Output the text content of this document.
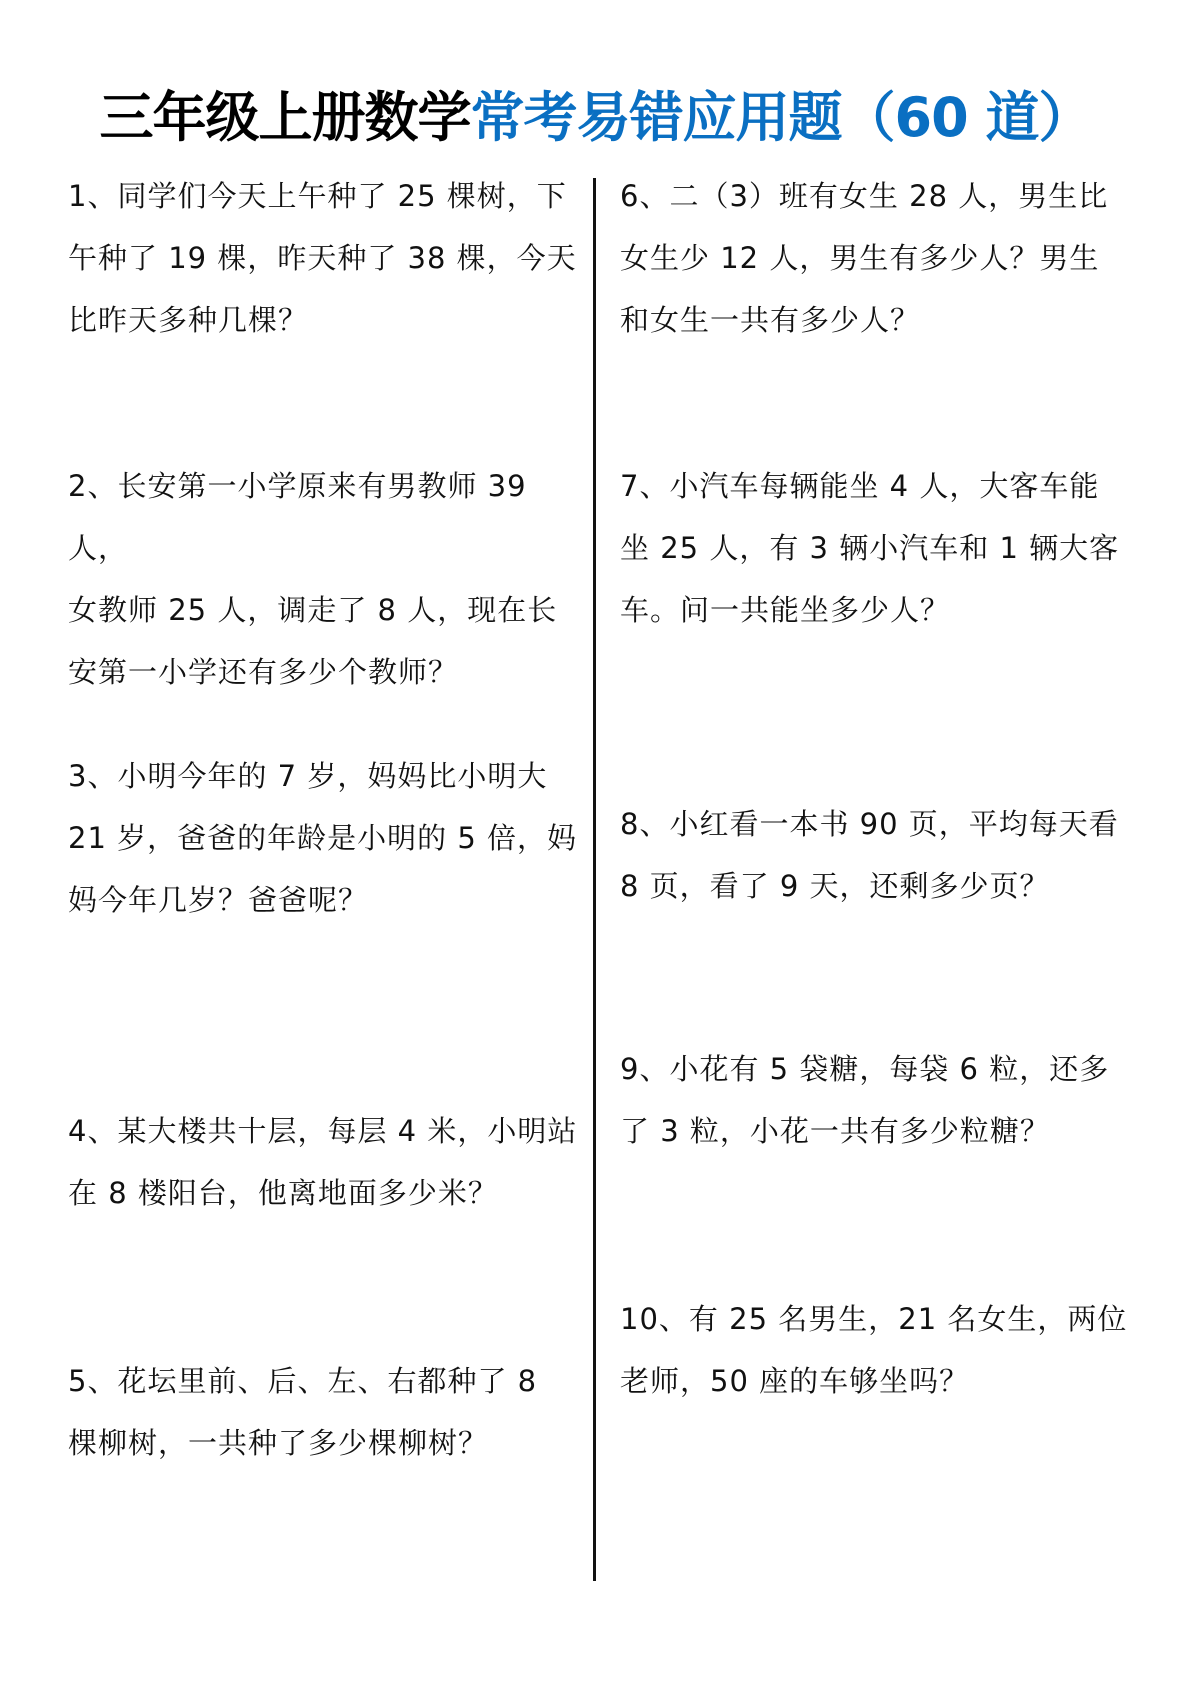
三年级上册数学常考易错应用题（60 道）
1、同学们今天上午种了 25 棵树，下
午种了 19 棵，昨天种了 38 棵，今天
比昨天多种几棵？
2、长安第一小学原来有男教师 39 人，
女教师 25 人，调走了 8 人，现在长
安第一小学还有多少个教师？
3、小明今年的 7 岁，妈妈比小明大
21 岁，爸爸的年龄是小明的 5 倍，妈
妈今年几岁？爸爸呢？
4、某大楼共十层，每层 4 米，小明站
在 8 楼阳台，他离地面多少米？
5、花坛里前、后、左、右都种了 8
棵柳树，一共种了多少棵柳树？
6、二（3）班有女生 28 人，男生比
女生少 12 人，男生有多少人？男生
和女生一共有多少人？
7、小汽车每辆能坐 4 人，大客车能
坐 25 人，有 3 辆小汽车和 1 辆大客
车。问一共能坐多少人？
8、小红看一本书 90 页，平均每天看
8 页，看了 9 天，还剩多少页？
9、小花有 5 袋糖，每袋 6 粒，还多
了 3 粒，小花一共有多少粒糖？
10、有 25 名男生，21 名女生，两位
老师，50 座的车够坐吗？
